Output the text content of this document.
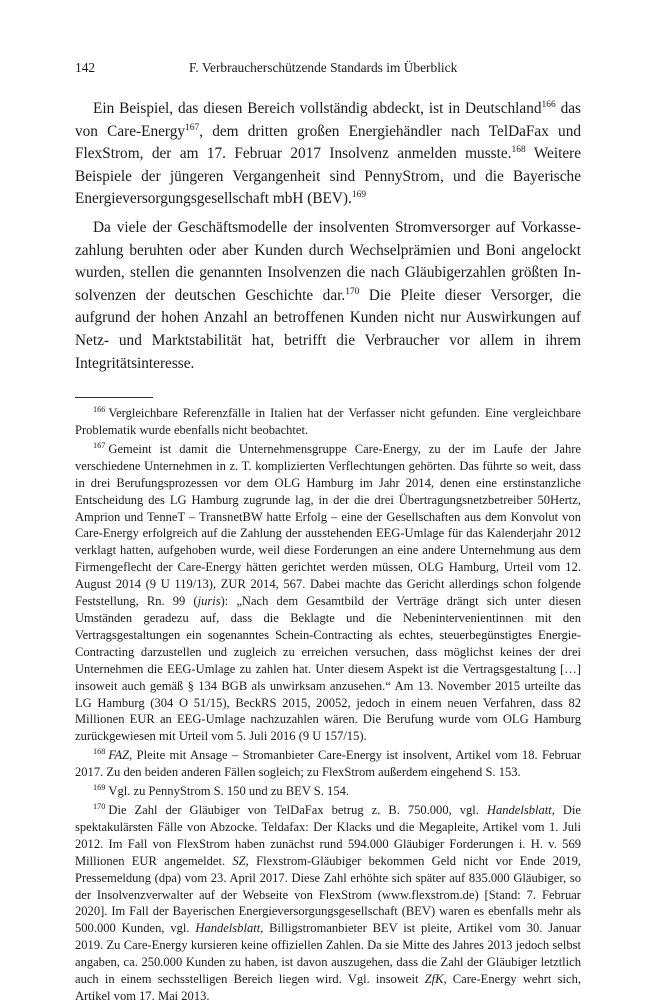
142	F. Verbraucherschützende Standards im Überblick

Ein Beispiel, das diesen Bereich vollständig abdeckt, ist in Deutschland$^{166}$ das von Care-Energy$^{167}$, dem dritten großen Energiehändler nach TelDaFax und FlexStrom, der am 17. Februar 2017 Insolvenz anmelden musste.$^{168}$ Weitere Beispiele der jüngeren Vergangenheit sind PennyStrom, und die Bayerische Energieversorgungsgesellschaft mbH (BEV).$^{169}$

Da viele der Geschäftsmodelle der insolventen Stromversorger auf Vorkassezahlung beruhten oder aber Kunden durch Wechselprämien und Boni angelockt wurden, stellen die genannten Insolvenzen die nach Gläubigerzahlen größten Insolvenzen der deutschen Geschichte dar.$^{170}$ Die Pleite dieser Versorger, die aufgrund der hohen Anzahl an betroffenen Kunden nicht nur Auswirkungen auf Netz- und Marktstabilität hat, betrifft die Verbraucher vor allem in ihrem Integritätsinteresse.

$^{166}$ Vergleichbare Referenzfälle in Italien hat der Verfasser nicht gefunden. Eine vergleichbare Problematik wurde ebenfalls nicht beobachtet.

$^{167}$ Gemeint ist damit die Unternehmensgruppe Care-Energy, zu der im Laufe der Jahre verschiedene Unternehmen in z. T. komplizierten Verflechtungen gehörten. Das führte so weit, dass in drei Berufungsprozessen vor dem OLG Hamburg im Jahr 2014, denen eine erstinstanzliche Entscheidung des LG Hamburg zugrunde lag, in der die drei Übertragungsnetzbetreiber 50Hertz, Amprion und TenneT – TransnetBW hatte Erfolg – eine der Gesellschaften aus dem Konvolut von Care-Energy erfolgreich auf die Zahlung der ausstehenden EEG-Umlage für das Kalenderjahr 2012 verklagt hatten, aufgehoben wurde, weil diese Forderungen an eine andere Unternehmung aus dem Firmengeflecht der Care-Energy hätten gerichtet werden müssen, OLG Hamburg, Urteil vom 12. August 2014 (9 U 119/13), ZUR 2014, 567. Dabei machte das Gericht allerdings schon folgende Feststellung, Rn. 99 (juris): „Nach dem Gesamtbild der Verträge drängt sich unter diesen Umständen geradezu auf, dass die Beklagte und die Nebenintervenientinnen mit den Vertragsgestaltungen ein sogenanntes Schein-Contracting als echtes, steuerbegünstigtes Energie-Contracting darzustellen und zugleich zu erreichen versuchen, dass möglichst keines der drei Unternehmen die EEG-Umlage zu zahlen hat. Unter diesem Aspekt ist die Vertragsgestaltung […] insoweit auch gemäß § 134 BGB als unwirksam anzusehen.“ Am 13. November 2015 urteilte das LG Hamburg (304 O 51/15), BeckRS 2015, 20052, jedoch in einem neuen Verfahren, dass 82 Millionen EUR an EEG-Umlage nachzuzahlen wären. Die Berufung wurde vom OLG Hamburg zurückgewiesen mit Urteil vom 5. Juli 2016 (9 U 157/15).

$^{168}$ FAZ, Pleite mit Ansage – Stromanbieter Care-Energy ist insolvent, Artikel vom 18. Februar 2017. Zu den beiden anderen Fällen sogleich; zu FlexStrom außerdem eingehend S. 153.

$^{169}$ Vgl. zu PennyStrom S. 150 und zu BEV S. 154.

$^{170}$ Die Zahl der Gläubiger von TelDaFax betrug z. B. 750.000, vgl. Handelsblatt, Die spektakulärsten Fälle von Abzocke. Teldafax: Der Klacks und die Megapleite, Artikel vom 1. Juli 2012. Im Fall von FlexStrom haben zunächst rund 594.000 Gläubiger Forderungen i. H. v. 569 Millionen EUR angemeldet. SZ, Flexstrom-Gläubiger bekommen Geld nicht vor Ende 2019, Pressemeldung (dpa) vom 23. April 2017. Diese Zahl erhöhte sich später auf 835.000 Gläubiger, so der Insolvenzverwalter auf der Webseite von FlexStrom (www.flexstrom.de) [Stand: 7. Februar 2020]. Im Fall der Bayerischen Energieversorgungsgesellschaft (BEV) waren es ebenfalls mehr als 500.000 Kunden, vgl. Handelsblatt, Billigstromanbieter BEV ist pleite, Artikel vom 30. Januar 2019. Zu Care-Energy kursieren keine offiziellen Zahlen. Da sie Mitte des Jahres 2013 jedoch selbst angaben, ca. 250.000 Kunden zu haben, ist davon auszugehen, dass die Zahl der Gläubiger letztlich auch in einem sechsstelligen Bereich liegen wird. Vgl. insoweit ZfK, Care-Energy wehrt sich, Artikel vom 17. Mai 2013.
